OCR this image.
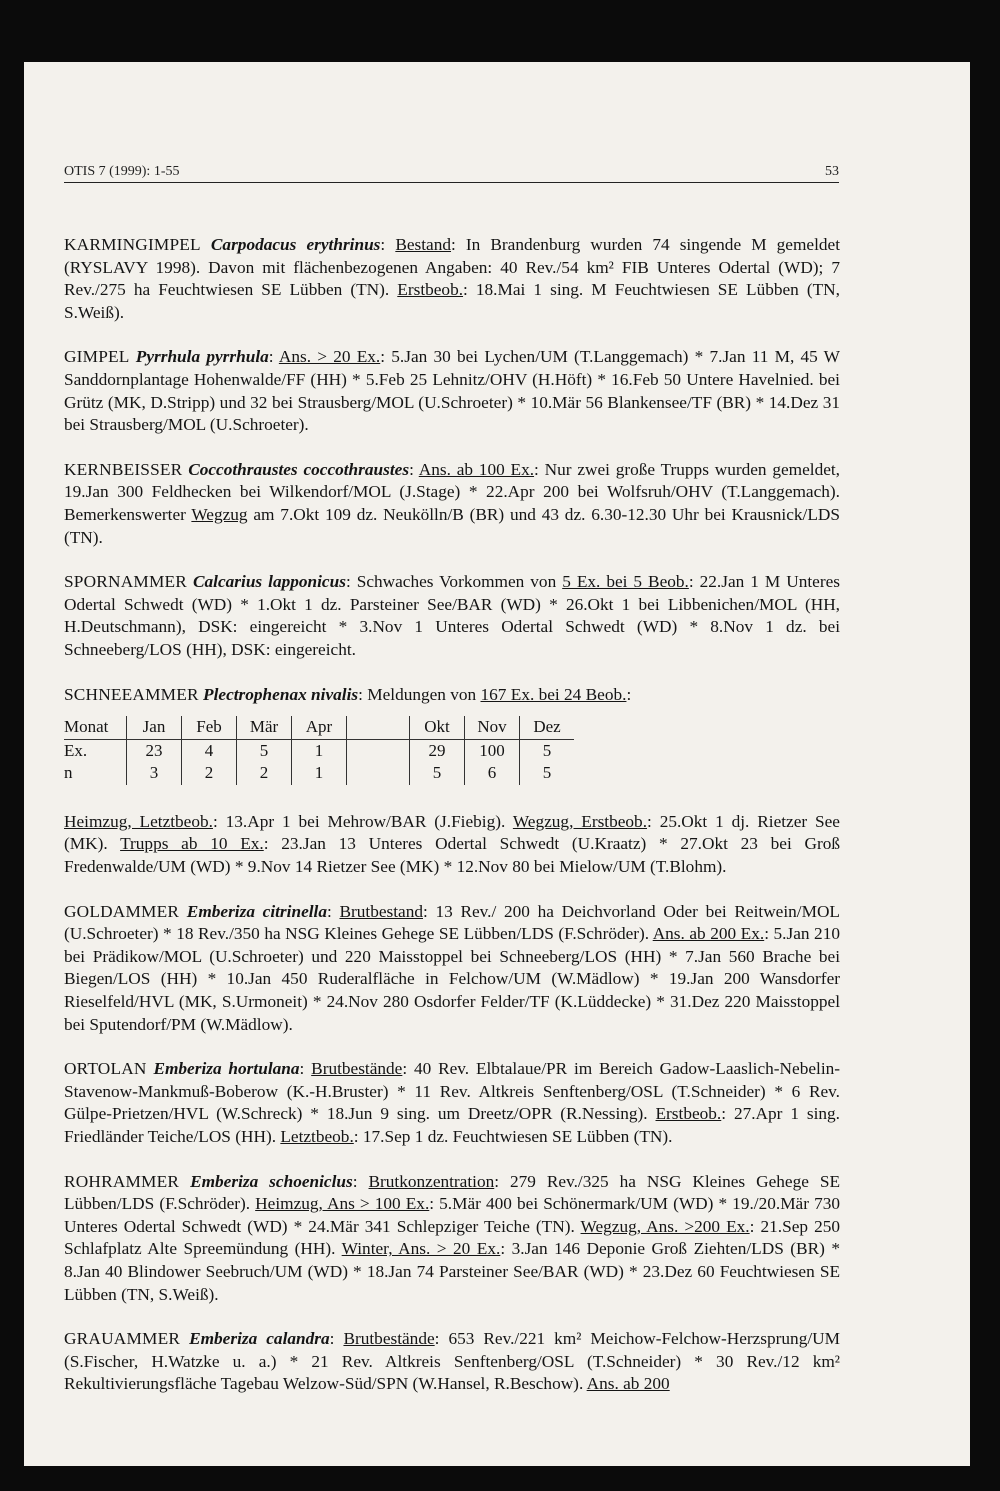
OTIS 7 (1999): 1-55	53

KARMINGIMPEL Carpodacus erythrinus: Bestand: In Brandenburg wurden 74 singende M gemeldet (RYSLAVY 1998). Davon mit flächenbezogenen Angaben: 40 Rev./54 km² FIB Unteres Odertal (WD); 7 Rev./275 ha Feuchtwiesen SE Lübben (TN). Erstbeob.: 18.Mai 1 sing. M Feuchtwiesen SE Lübben (TN, S.Weiß).

GIMPEL Pyrrhula pyrrhula: Ans. > 20 Ex.: 5.Jan 30 bei Lychen/UM (T.Langgemach) * 7.Jan 11 M, 45 W Sanddornplantage Hohenwalde/FF (HH) * 5.Feb 25 Lehnitz/OHV (H.Höft) * 16.Feb 50 Untere Havelnied. bei Grütz (MK, D.Stripp) und 32 bei Strausberg/MOL (U.Schroeter) * 10.Mär 56 Blankensee/TF (BR) * 14.Dez 31 bei Strausberg/MOL (U.Schroeter).

KERNBEISSER Coccothraustes coccothraustes: Ans. ab 100 Ex.: Nur zwei große Trupps wurden gemeldet, 19.Jan 300 Feldhecken bei Wilkendorf/MOL (J.Stage) * 22.Apr 200 bei Wolfsruh/OHV (T.Langgemach). Bemerkenswerter Wegzug am 7.Okt 109 dz. Neukölln/B (BR) und 43 dz. 6.30-12.30 Uhr bei Krausnick/LDS (TN).

SPORNAMMER Calcarius lapponicus: Schwaches Vorkommen von 5 Ex. bei 5 Beob.: 22.Jan 1 M Unteres Odertal Schwedt (WD) * 1.Okt 1 dz. Parsteiner See/BAR (WD) * 26.Okt 1 bei Libbenichen/MOL (HH, H.Deutschmann), DSK: eingereicht * 3.Nov 1 Unteres Odertal Schwedt (WD) * 8.Nov 1 dz. bei Schneeberg/LOS (HH), DSK: eingereicht.

SCHNEEAMMER Plectrophenax nivalis: Meldungen von 167 Ex. bei 24 Beob.:

Monat	Jan	Feb	Mär	Apr		Okt	Nov	Dez
Ex.	23	4	5	1		29	100	5
n	3	2	2	1		5	6	5

Heimzug, Letztbeob.: 13.Apr 1 bei Mehrow/BAR (J.Fiebig). Wegzug, Erstbeob.: 25.Okt 1 dj. Rietzer See (MK). Trupps ab 10 Ex.: 23.Jan 13 Unteres Odertal Schwedt (U.Kraatz) * 27.Okt 23 bei Groß Fredenwalde/UM (WD) * 9.Nov 14 Rietzer See (MK) * 12.Nov 80 bei Mielow/UM (T.Blohm).

GOLDAMMER Emberiza citrinella: Brutbestand: 13 Rev./ 200 ha Deichvorland Oder bei Reitwein/MOL (U.Schroeter) * 18 Rev./350 ha NSG Kleines Gehege SE Lübben/LDS (F.Schröder). Ans. ab 200 Ex.: 5.Jan 210 bei Prädikow/MOL (U.Schroeter) und 220 Maisstoppel bei Schneeberg/LOS (HH) * 7.Jan 560 Brache bei Biegen/LOS (HH) * 10.Jan 450 Ruderalfläche in Felchow/UM (W.Mädlow) * 19.Jan 200 Wansdorfer Rieselfeld/HVL (MK, S.Urmoneit) * 24.Nov 280 Osdorfer Felder/TF (K.Lüddecke) * 31.Dez 220 Maisstoppel bei Sputendorf/PM (W.Mädlow).

ORTOLAN Emberiza hortulana: Brutbestände: 40 Rev. Elbtalaue/PR im Bereich Gadow-Laaslich-Nebelin-Stavenow-Mankmuß-Boberow (K.-H.Bruster) * 11 Rev. Altkreis Senftenberg/OSL (T.Schneider) * 6 Rev. Gülpe-Prietzen/HVL (W.Schreck) * 18.Jun 9 sing. um Dreetz/OPR (R.Nessing). Erstbeob.: 27.Apr 1 sing. Friedländer Teiche/LOS (HH). Letztbeob.: 17.Sep 1 dz. Feuchtwiesen SE Lübben (TN).

ROHRAMMER Emberiza schoeniclus: Brutkonzentration: 279 Rev./325 ha NSG Kleines Gehege SE Lübben/LDS (F.Schröder). Heimzug, Ans > 100 Ex.: 5.Mär 400 bei Schönermark/UM (WD) * 19./20.Mär 730 Unteres Odertal Schwedt (WD) * 24.Mär 341 Schlepziger Teiche (TN). Wegzug, Ans. >200 Ex.: 21.Sep 250 Schlafplatz Alte Spreemündung (HH). Winter, Ans. > 20 Ex.: 3.Jan 146 Deponie Groß Ziehten/LDS (BR) * 8.Jan 40 Blindower Seebruch/UM (WD) * 18.Jan 74 Parsteiner See/BAR (WD) * 23.Dez 60 Feuchtwiesen SE Lübben (TN, S.Weiß).

GRAUAMMER Emberiza calandra: Brutbestände: 653 Rev./221 km² Meichow-Felchow-Herzsprung/UM (S.Fischer, H.Watzke u. a.) * 21 Rev. Altkreis Senftenberg/OSL (T.Schneider) * 30 Rev./12 km² Rekultivierungsfläche Tagebau Welzow-Süd/SPN (W.Hansel, R.Beschow). Ans. ab 200
